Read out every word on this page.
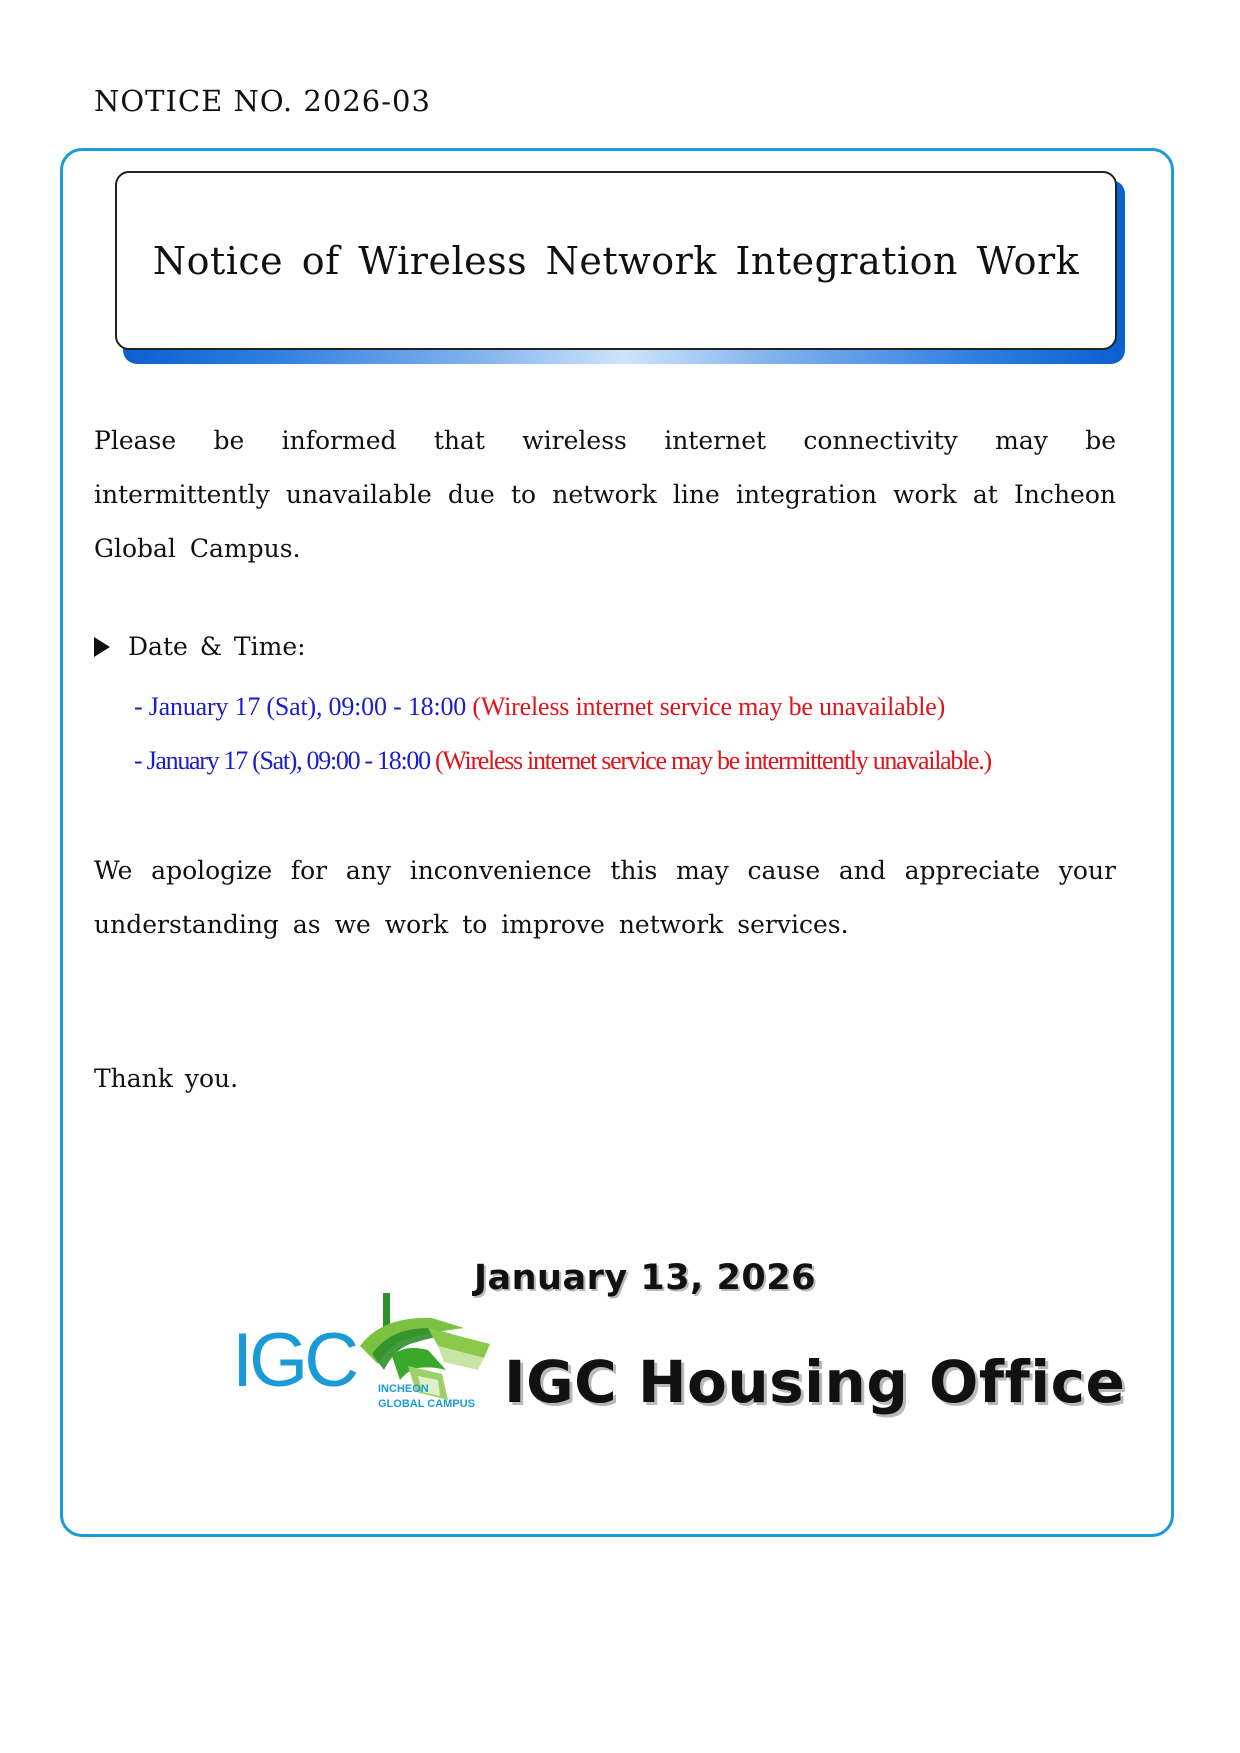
NOTICE NO. 2026-03
Notice of Wireless Network Integration Work
Please be informed that wireless internet connectivity may be intermittently unavailable due to network line integration work at Incheon Global Campus.
Date & Time:
- January 17 (Sat), 09:00 - 18:00 (Wireless internet service may be unavailable)
- January 17 (Sat), 09:00 - 18:00 (Wireless internet service may be intermittently unavailable.)
We apologize for any inconvenience this may cause and appreciate your understanding as we work to improve network services.
Thank you.
January 13, 2026
IGC INCHEON
GLOBAL CAMPUS IGC Housing Office
